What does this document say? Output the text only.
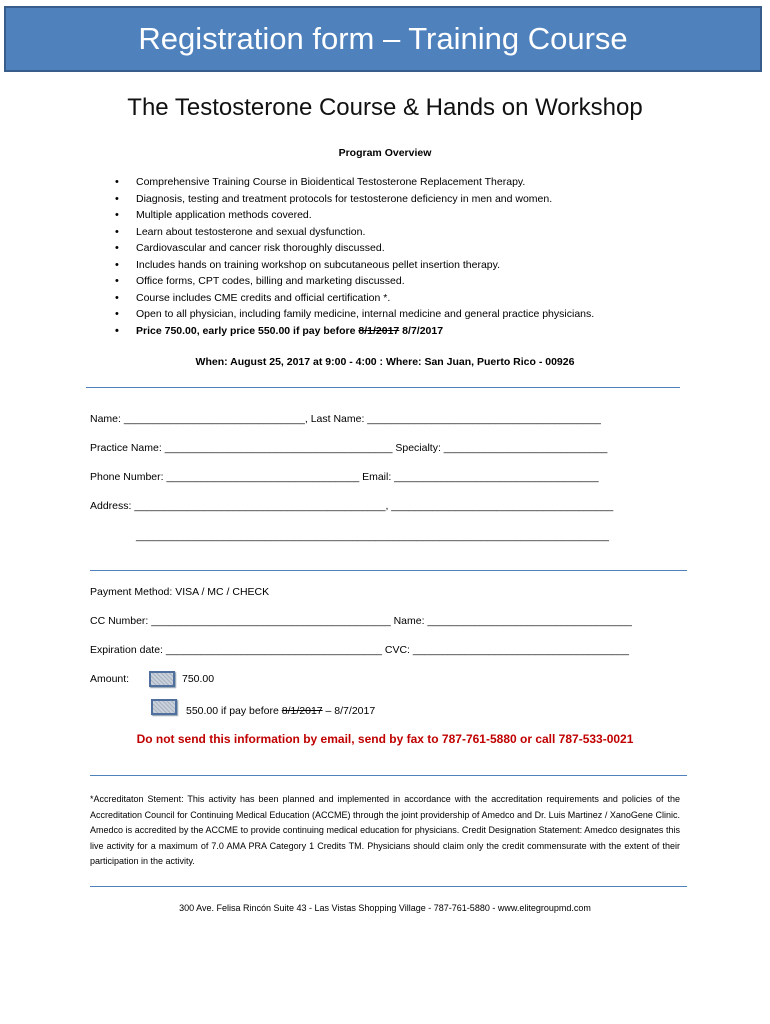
Registration form – Training Course
The Testosterone Course & Hands on Workshop
Program Overview
• Comprehensive Training Course in Bioidentical Testosterone Replacement Therapy.
• Diagnosis, testing and treatment protocols for testosterone deficiency in men and women.
• Multiple application methods covered.
• Learn about testosterone and sexual dysfunction.
• Cardiovascular and cancer risk thoroughly discussed.
• Includes hands on training workshop on subcutaneous pellet insertion therapy.
• Office forms, CPT codes, billing and marketing discussed.
• Course includes CME credits and official certification *.
• Open to all physician, including family medicine, internal medicine and general practice physicians.
• Price 750.00, early price 550.00 if pay before 8/1/2017 8/7/2017
When: August 25, 2017 at 9:00 - 4:00 : Where: San Juan, Puerto Rico - 00926
Name: _______________________________, Last Name: ________________________________________
Practice Name: _______________________________________ Specialty: ____________________________
Phone Number: _________________________________ Email: ___________________________________
Address: ___________________________________________, ______________________________________
_________________________________________________________________________________
Payment Method: VISA / MC / CHECK
CC Number: _________________________________________ Name: ___________________________________
Expiration date: _____________________________________ CVC: _____________________________________
Amount:	750.00
550.00 if pay before 8/1/2017 – 8/7/2017
Do not send this information by email, send by fax to 787-761-5880 or call 787-533-0021
*Accreditaton Stement: This activity has been planned and implemented in accordance with the accreditation requirements and policies of the Accreditation Council for Continuing Medical Education (ACCME) through the joint providership of Amedco and Dr. Luis Martinez / XanoGene Clinic. Amedco is accredited by the ACCME to provide continuing medical education for physicians. Credit Designation Statement: Amedco designates this live activity for a maximum of 7.0 AMA PRA Category 1 Credits TM. Physicians should claim only the credit commensurate with the extent of their participation in the activity.
300 Ave. Felisa Rincón Suite 43 - Las Vistas Shopping Village - 787-761-5880 - www.elitegroupmd.com
